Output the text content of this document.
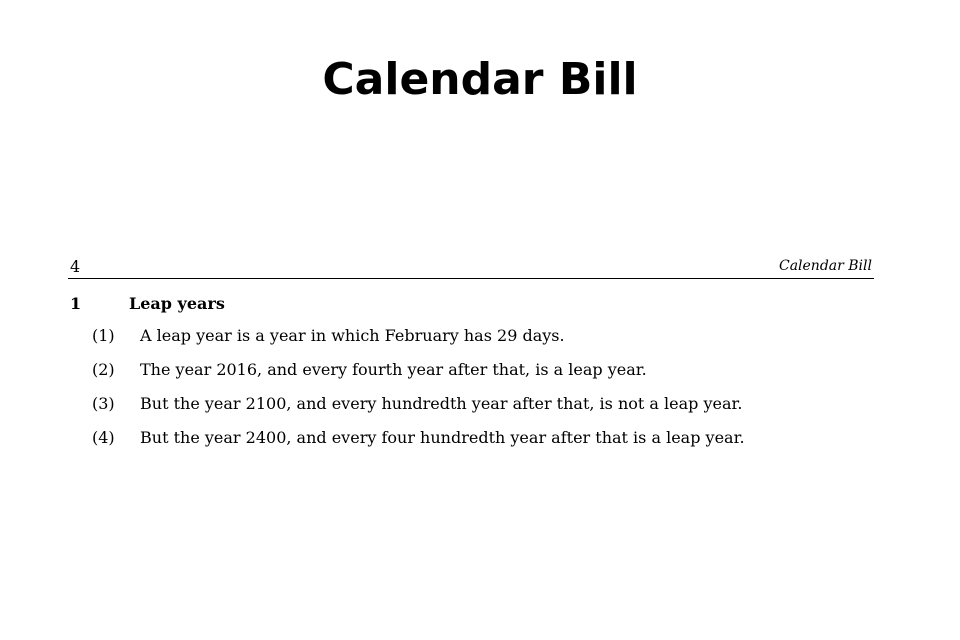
Calendar Bill
4	Calendar Bill
1	Leap years
(1) A leap year is a year in which February has 29 days.
(2) The year 2016, and every fourth year after that, is a leap year.
(3) But the year 2100, and every hundredth year after that, is not a leap year.
(4) But the year 2400, and every four hundredth year after that is a leap year.
